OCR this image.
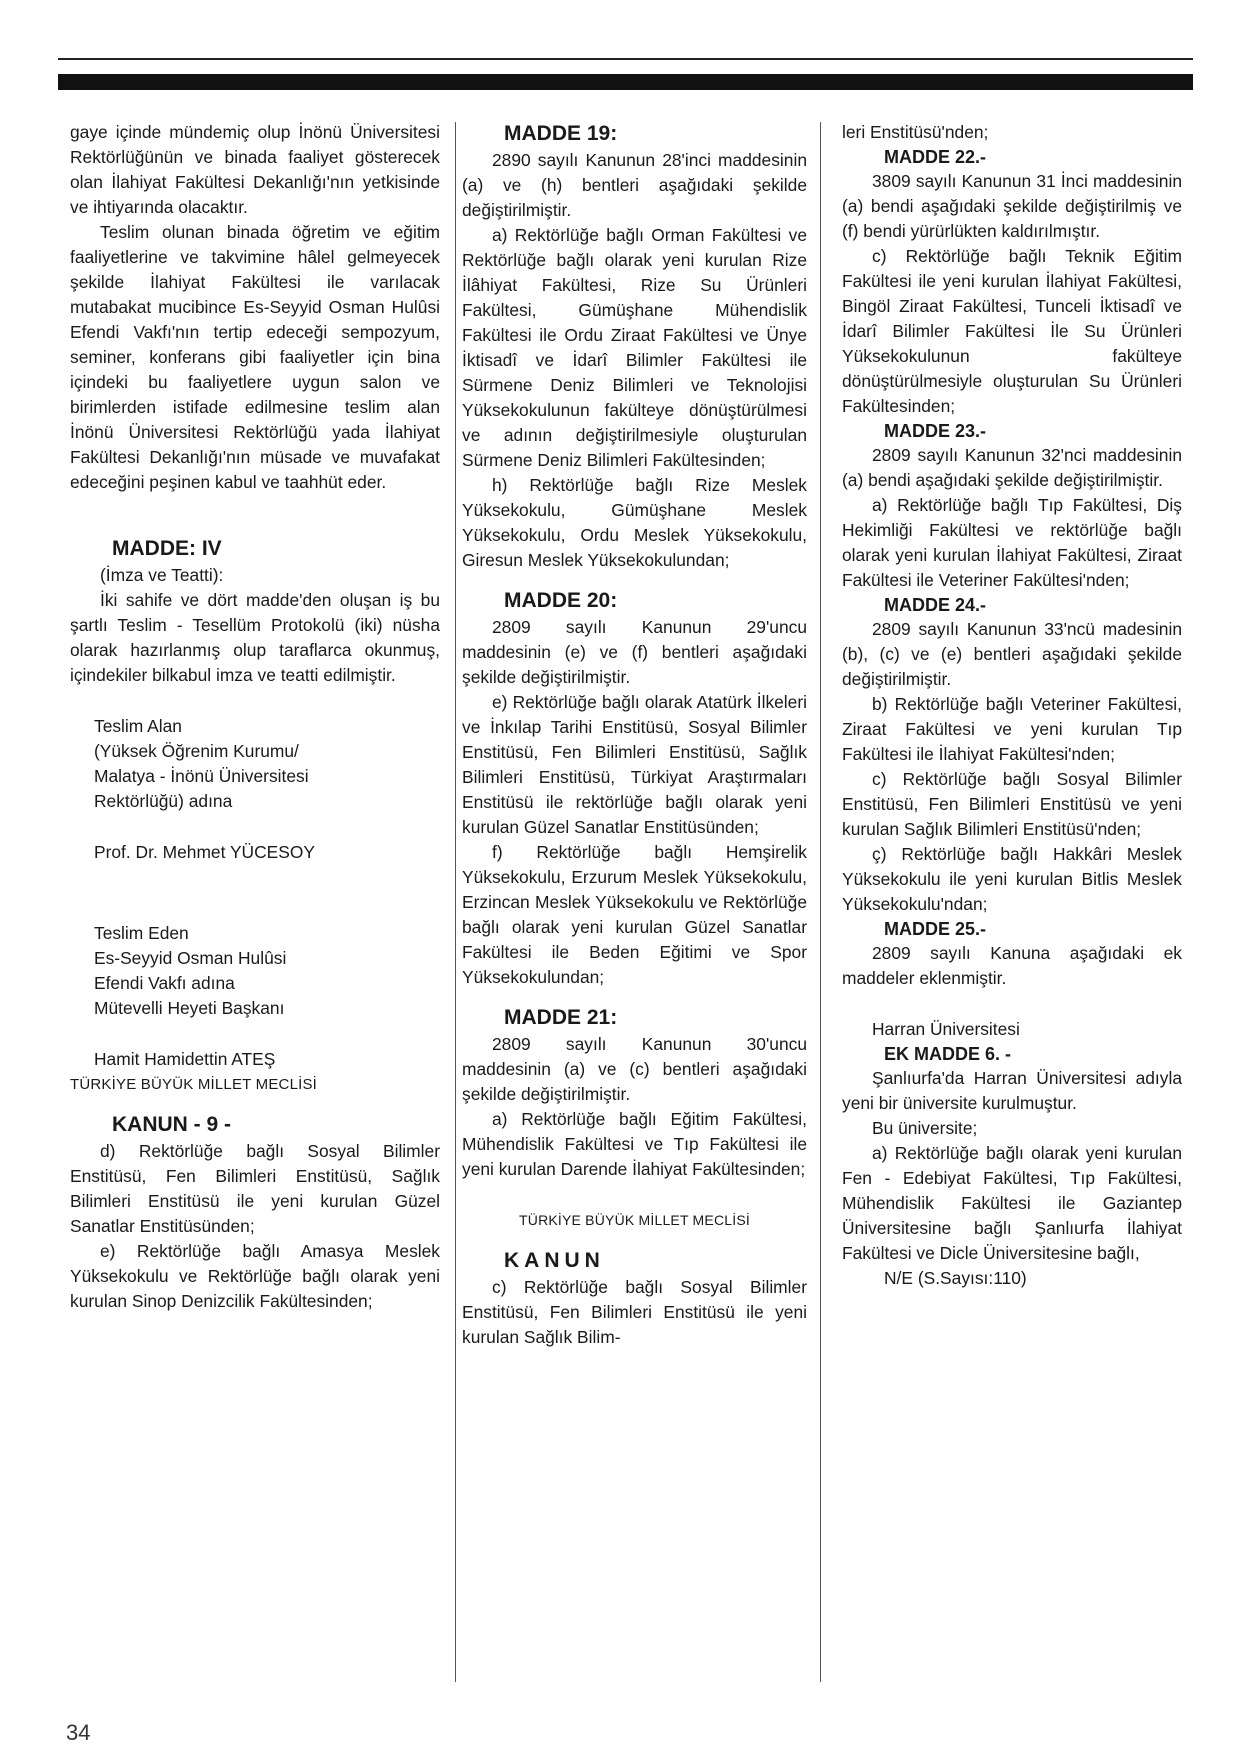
gaye içinde mündemiç olup İnönü Üniversitesi Rektörlüğünün ve binada faaliyet gösterecek olan İlahiyat Fakültesi Dekanlığı'nın yetkisinde ve ihtiyarında olacaktır.

Teslim olunan binada öğretim ve eğitim faaliyetlerine ve takvimine hâlel gelmeyecek şekilde İlahiyat Fakültesi ile varılacak mutabakat mucibince Es-Seyyid Osman Hulûsi Efendi Vakfı'nın tertip edeceği sempozyum, seminer, konferans gibi faaliyetler için bina içindeki bu faaliyetlere uygun salon ve birimlerden istifade edilmesine teslim alan İnönü Üniversitesi Rektörlüğü yada İlahiyat Fakültesi Dekanlığı'nın müsade ve muvafakat edeceğini peşinen kabul ve taahhüt eder.

MADDE: IV

(İmza ve Teatti):

İki sahife ve dört madde'den oluşan iş bu şartlı Teslim - Tesellüm Protokolü (iki) nüsha olarak hazırlanmış olup taraflarca okunmuş, içindekiler bilkabul imza ve teatti edilmiştir.

Teslim Alan

(Yüksek Öğrenim Kurumu/

Malatya - İnönü Üniversitesi

Rektörlüğü) adına

Prof. Dr. Mehmet YÜCESOY

Teslim Eden

Es-Seyyid Osman Hulûsi

Efendi Vakfı adına

Mütevelli Heyeti Başkanı

Hamit Hamidettin ATEŞ

TÜRKİYE BÜYÜK MİLLET MECLİSİ

KANUN - 9 -

d) Rektörlüğe bağlı Sosyal Bilimler Enstitüsü, Fen Bilimleri Enstitüsü, Sağlık Bilimleri Enstitüsü ile yeni kurulan Güzel Sanatlar Enstitüsünden;

e) Rektörlüğe bağlı Amasya Meslek Yüksekokulu ve Rektörlüğe bağlı olarak yeni kurulan Sinop Denizcilik Fakültesinden;

MADDE 19:

2890 sayılı Kanunun 28'inci maddesinin (a) ve (h) bentleri aşağıdaki şekilde değiştirilmiştir.

a) Rektörlüğe bağlı Orman Fakültesi ve Rektörlüğe bağlı olarak yeni kurulan Rize İlâhiyat Fakültesi, Rize Su Ürünleri Fakültesi, Gümüşhane Mühendislik Fakültesi ile Ordu Ziraat Fakültesi ve Ünye İktisadî ve İdarî Bilimler Fakültesi ile Sürmene Deniz Bilimleri ve Teknolojisi Yüksekokulunun fakülteye dönüştürülmesi ve adının değiştirilmesiyle oluşturulan Sürmene Deniz Bilimleri Fakültesinden;

h) Rektörlüğe bağlı Rize Meslek Yüksekokulu, Gümüşhane Meslek Yüksekokulu, Ordu Meslek Yüksekokulu, Giresun Meslek Yüksekokulundan;

MADDE 20:

2809 sayılı Kanunun 29'uncu maddesinin (e) ve (f) bentleri aşağıdaki şekilde değiştirilmiştir.

e) Rektörlüğe bağlı olarak Atatürk İlkeleri ve İnkılap Tarihi Enstitüsü, Sosyal Bilimler Enstitüsü, Fen Bilimleri Enstitüsü, Sağlık Bilimleri Enstitüsü, Türkiyat Araştırmaları Enstitüsü ile rektörlüğe bağlı olarak yeni kurulan Güzel Sanatlar Enstitüsünden;

f) Rektörlüğe bağlı Hemşirelik Yüksekokulu, Erzurum Meslek Yüksekokulu, Erzincan Meslek Yüksekokulu ve Rektörlüğe bağlı olarak yeni kurulan Güzel Sanatlar Fakültesi ile Beden Eğitimi ve Spor Yüksekokulundan;

MADDE 21:

2809 sayılı Kanunun 30'uncu maddesinin (a) ve (c) bentleri aşağıdaki şekilde değiştirilmiştir.

a) Rektörlüğe bağlı Eğitim Fakültesi, Mühendislik Fakültesi ve Tıp Fakültesi ile yeni kurulan Darende İlahiyat Fakültesinden;

TÜRKİYE BÜYÜK MİLLET MECLİSİ

KANUN

c) Rektörlüğe bağlı Sosyal Bilimler Enstitüsü, Fen Bilimleri Enstitüsü ile yeni kurulan Sağlık Bilim-

leri Enstitüsü'nden;

MADDE 22.-

3809 sayılı Kanunun 31 İnci maddesinin (a) bendi aşağıdaki şekilde değiştirilmiş ve (f) bendi yürürlükten kaldırılmıştır.

c) Rektörlüğe bağlı Teknik Eğitim Fakültesi ile yeni kurulan İlahiyat Fakültesi, Bingöl Ziraat Fakültesi, Tunceli İktisadî ve İdarî Bilimler Fakültesi İle Su Ürünleri Yüksekokulunun fakülteye dönüştürülmesiyle oluşturulan Su Ürünleri Fakültesinden;

MADDE 23.-

2809 sayılı Kanunun 32'nci maddesinin (a) bendi aşağıdaki şekilde değiştirilmiştir.

a) Rektörlüğe bağlı Tıp Fakültesi, Diş Hekimliği Fakültesi ve rektörlüğe bağlı olarak yeni kurulan İlahiyat Fakültesi, Ziraat Fakültesi ile Veteriner Fakültesi'nden;

MADDE 24.-

2809 sayılı Kanunun 33'ncü madesinin (b), (c) ve (e) bentleri aşağıdaki şekilde değiştirilmiştir.

b) Rektörlüğe bağlı Veteriner Fakültesi, Ziraat Fakültesi ve yeni kurulan Tıp Fakültesi ile İlahiyat Fakültesi'nden;

c) Rektörlüğe bağlı Sosyal Bilimler Enstitüsü, Fen Bilimleri Enstitüsü ve yeni kurulan Sağlık Bilimleri Enstitüsü'nden;

ç) Rektörlüğe bağlı Hakkâri Meslek Yüksekokulu ile yeni kurulan Bitlis Meslek Yüksekokulu'ndan;

MADDE 25.-

2809 sayılı Kanuna aşağıdaki ek maddeler eklenmiştir.

Harran Üniversitesi

EK MADDE 6. -

Şanlıurfa'da Harran Üniversitesi adıyla yeni bir üniversite kurulmuştur.

Bu üniversite;

a) Rektörlüğe bağlı olarak yeni kurulan Fen - Edebiyat Fakültesi, Tıp Fakültesi, Mühendislik Fakültesi ile Gaziantep Üniversitesine bağlı Şanlıurfa İlahiyat Fakültesi ve Dicle Üniversitesine bağlı,

N/E (S.Sayısı:110)

34
